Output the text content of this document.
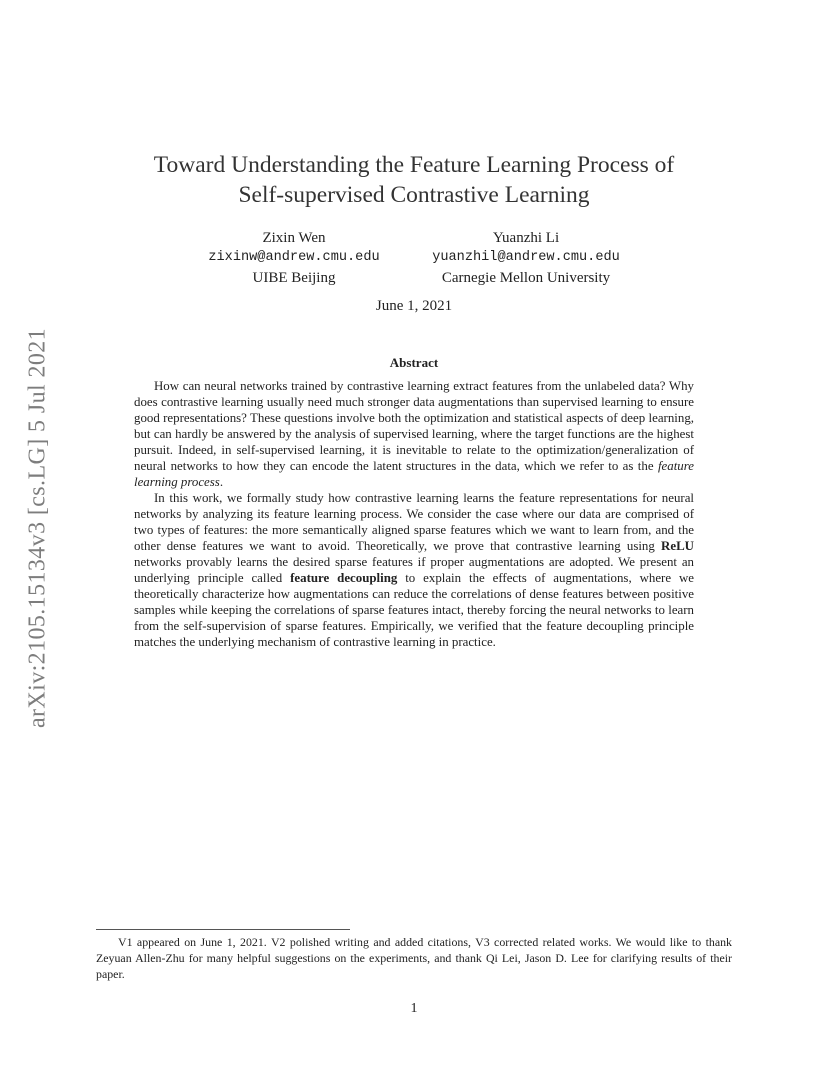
arXiv:2105.15134v3 [cs.LG] 5 Jul 2021
Toward Understanding the Feature Learning Process of
Self-supervised Contrastive Learning
Zixin Wen
zixinw@andrew.cmu.edu
UIBE Beijing
Yuanzhi Li
yuanzhil@andrew.cmu.edu
Carnegie Mellon University
June 1, 2021
Abstract

How can neural networks trained by contrastive learning extract features from the unlabeled data? Why does contrastive learning usually need much stronger data augmentations than supervised learning to ensure good representations? These questions involve both the optimization and statistical aspects of deep learning, but can hardly be answered by the analysis of supervised learning, where the target functions are the highest pursuit. Indeed, in self-supervised learning, it is inevitable to relate to the optimization/generalization of neural networks to how they can encode the latent structures in the data, which we refer to as the feature learning process.

In this work, we formally study how contrastive learning learns the feature representations for neural networks by analyzing its feature learning process. We consider the case where our data are comprised of two types of features: the more semantically aligned sparse features which we want to learn from, and the other dense features we want to avoid. Theoretically, we prove that contrastive learning using ReLU networks provably learns the desired sparse features if proper augmentations are adopted. We present an underlying principle called feature decoupling to explain the effects of augmentations, where we theoretically characterize how augmentations can reduce the correlations of dense features between positive samples while keeping the correlations of sparse features intact, thereby forcing the neural networks to learn from the self-supervision of sparse features. Empirically, we verified that the feature decoupling principle matches the underlying mechanism of contrastive learning in practice.

V1 appeared on June 1, 2021. V2 polished writing and added citations, V3 corrected related works. We would like to thank Zeyuan Allen-Zhu for many helpful suggestions on the experiments, and thank Qi Lei, Jason D. Lee for clarifying results of their paper.

1
